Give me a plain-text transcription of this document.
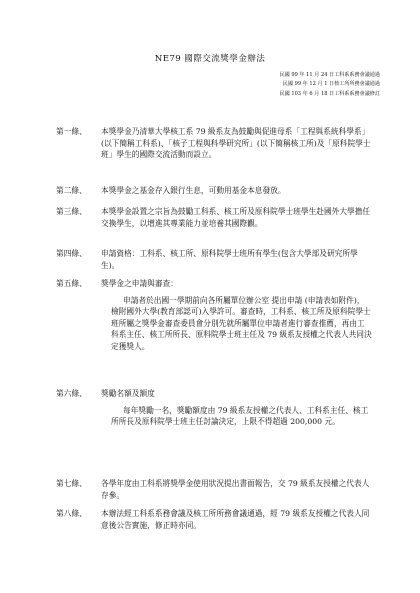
NE79 國際交流獎學金辦法
民國 99 年 11 月 24 日工科系系務會議通過
民國 99 年 12 月 1 日核工所所務會議通過
民國 103 年 6 月 18 日工科系系務會議修訂
第一條、 本獎學金乃清華大學核工系 79 級系友為鼓勵與促進母系「工程與系統科學系」(以下簡稱工科系)、「核子工程與科學研究所」(以下簡稱核工所)及「原科院學士班」學生的國際交流活動而設立。
第二條、 本獎學金之基金存入銀行生息，可動用基金本息發放。
第三條、 本獎學金設置之宗旨為鼓勵工科系、核工所及原科院學士班學生赴國外大學擔任交換學生，以增進其專業能力並培養其國際觀。
第四條、 申請資格：工科系、核工所、原科院學士班所有學生(包含大學部及研究所學生)。
第五條、 獎學金之申請與審查：
申請者於出國一學期前向各所屬單位辦公室 提出申請 (申請表如附件)，檢附國外大學(教育部認可)入學許可。審查時，工科系、核工所及原科院學士班所屬之獎學金審查委員會分別先就所屬單位申請者進行審查推薦，再由工科系主任、核工所所長、原科院學士班主任及 79 級系友授權之代表人共同決定獲獎人。
第六條、 獎勵名額及額度
每年獎勵一名，獎勵額度由 79 級系友授權之代表人、工科系主任、核工所所長及原科院學士班主任討論決定，上限不得超過 200,000 元。
第七條、 各學年度由工科系將獎學金使用狀況提出書面報告，交 79 級系友授權之代表人存參。
第八條、 本辦法經工科系系務會議及核工所所務會議通過，經 79 級系友授權之代表人同意後公告實施，修正時亦同。
